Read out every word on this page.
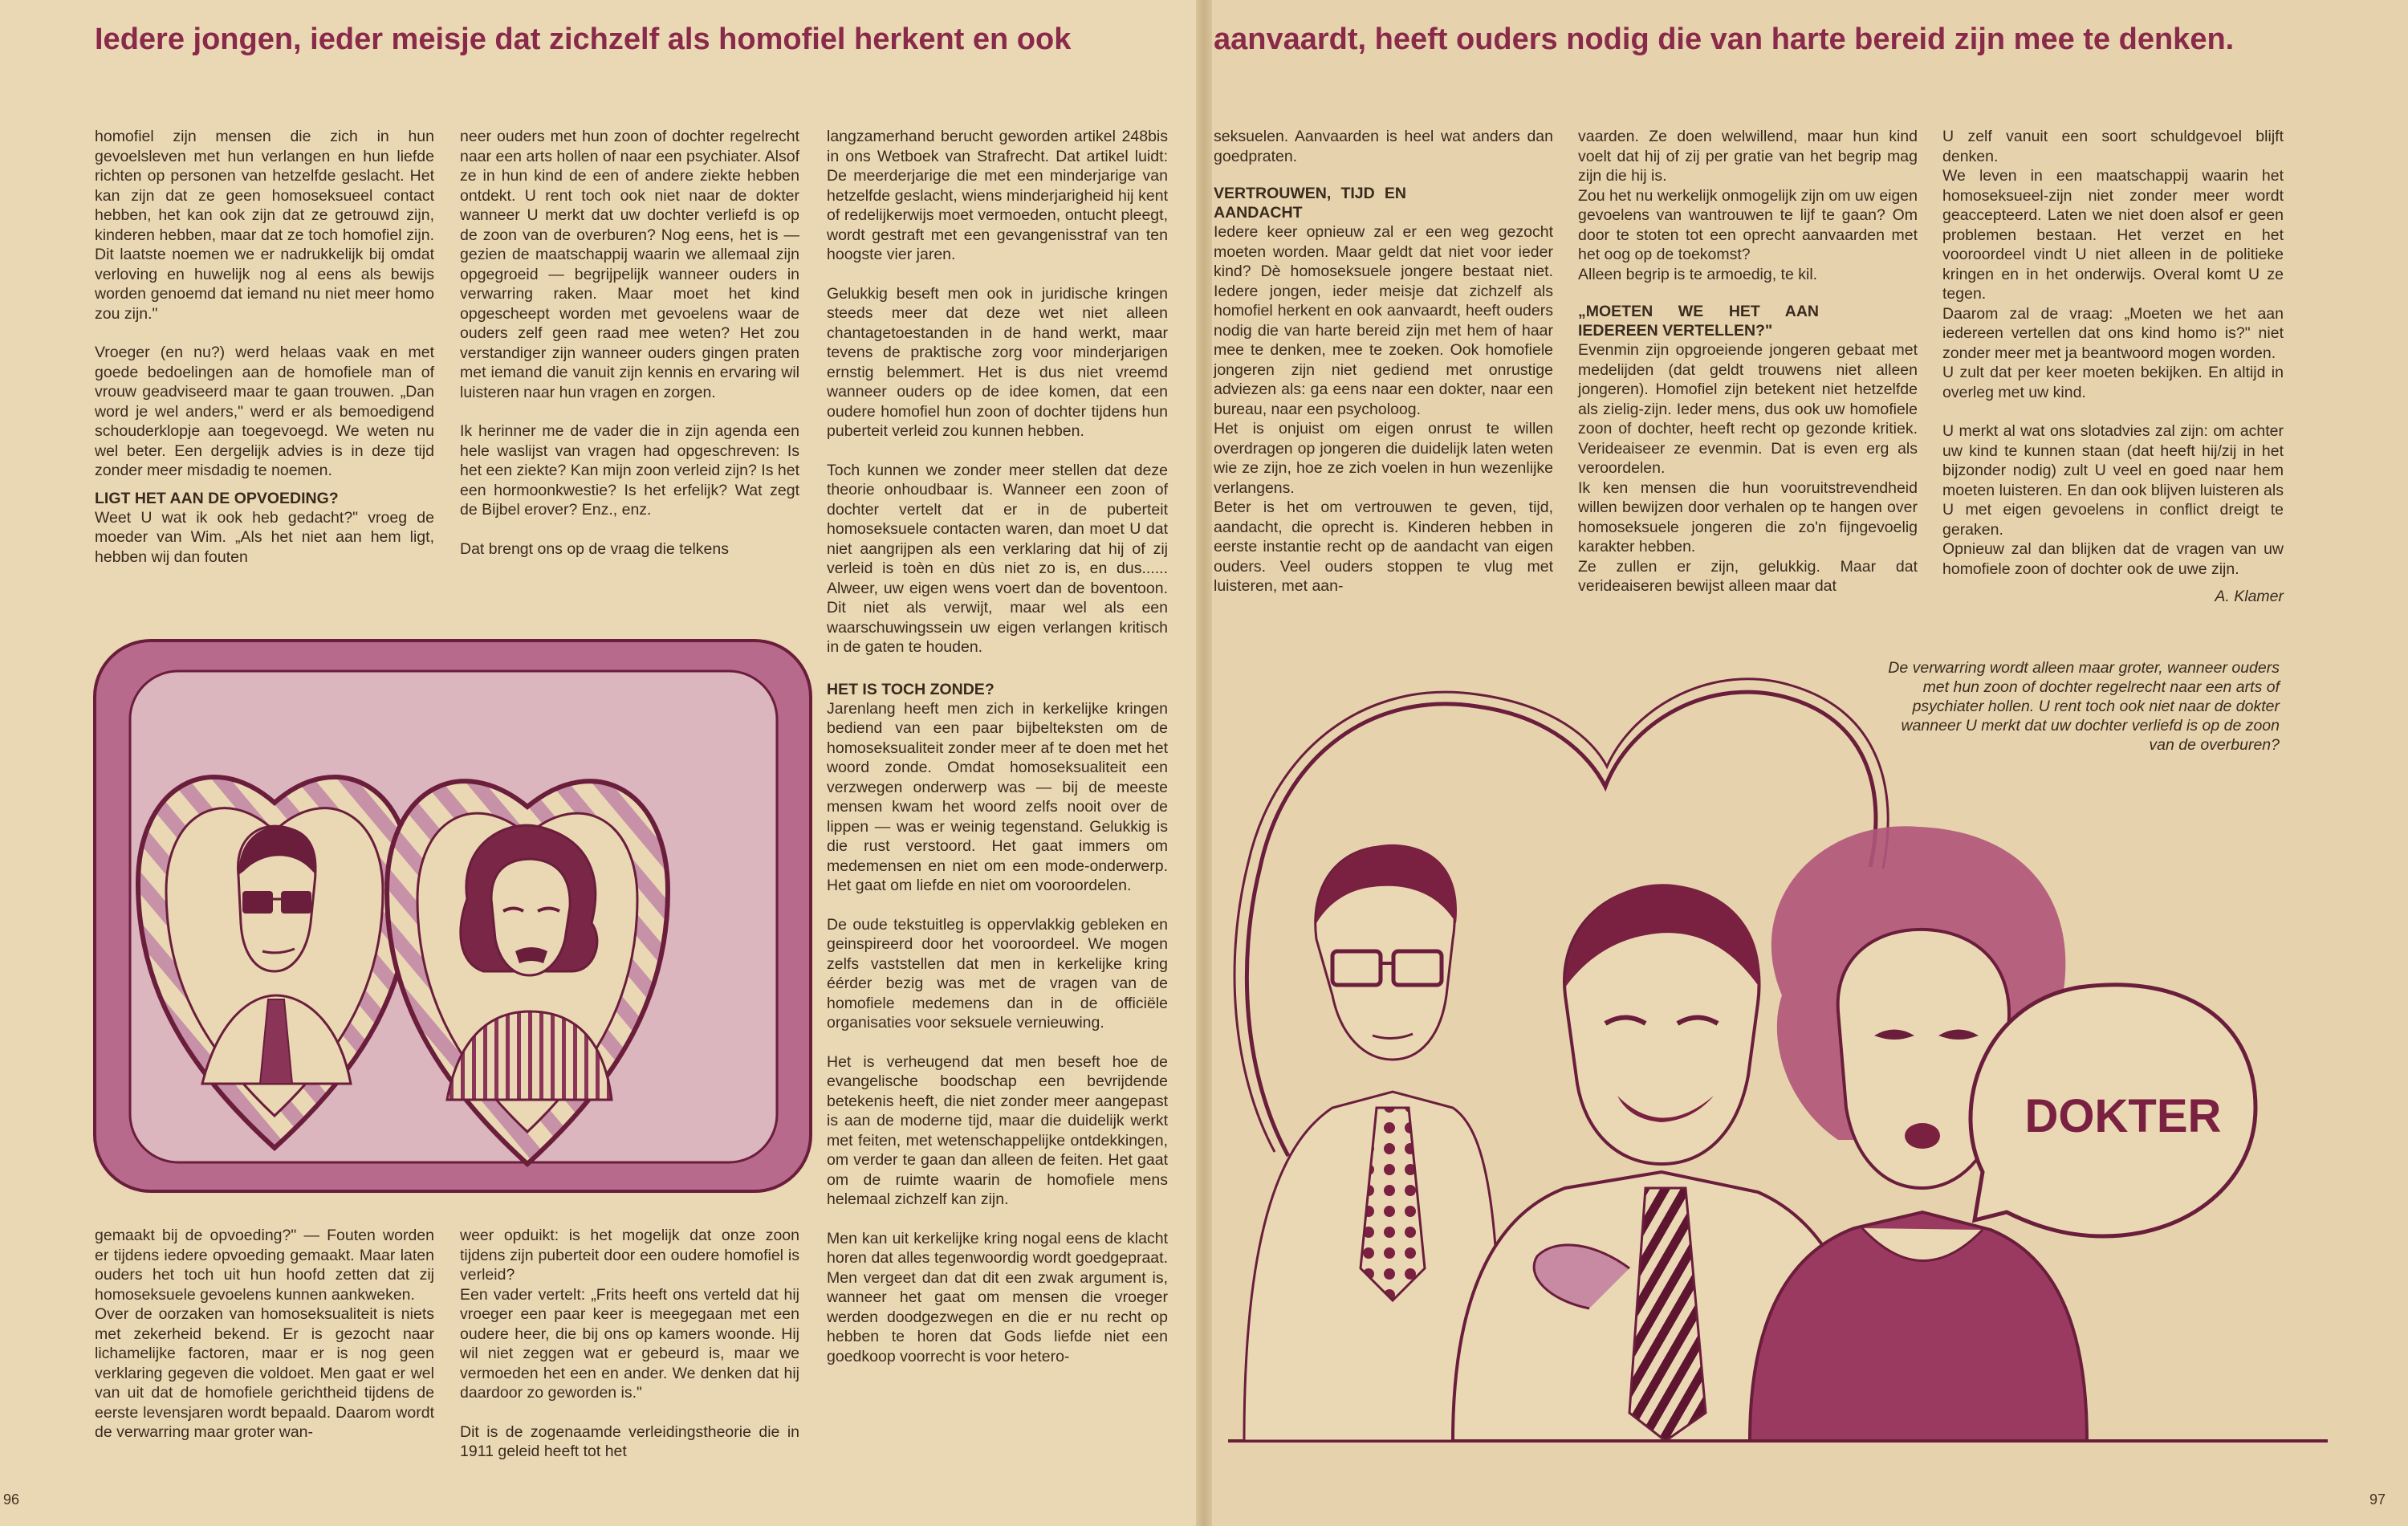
Iedere jongen, ieder meisje dat zichzelf als homofiel herkent en ook	aanvaardt, heeft ouders nodig die van harte bereid zijn mee te denken.

homofiel zijn mensen die zich in hun gevoelsleven met hun verlangen en hun liefde richten op personen van hetzelfde geslacht. Het kan zijn dat ze geen homoseksueel contact hebben, het kan ook zijn dat ze getrouwd zijn, kinderen hebben, maar dat ze toch homofiel zijn. Dit laatste noemen we er nadrukkelijk bij omdat verloving en huwelijk nog al eens als bewijs worden genoemd dat iemand nu niet meer homo zou zijn."

Vroeger (en nu?) werd helaas vaak en met goede bedoelingen aan de homofiele man of vrouw geadviseerd maar te gaan trouwen. „Dan word je wel anders," werd er als bemoedigend schouderklopje aan toegevoegd. We weten nu wel beter. Een dergelijk advies is in deze tijd zonder meer misdadig te noemen.

LIGT HET AAN DE OPVOEDING?

Weet U wat ik ook heb gedacht?" vroeg de moeder van Wim. „Als het niet aan hem ligt, hebben wij dan fouten

neer ouders met hun zoon of dochter regelrecht naar een arts hollen of naar een psychiater. Alsof ze in hun kind de een of andere ziekte hebben ontdekt. U rent toch ook niet naar de dokter wanneer U merkt dat uw dochter verliefd is op de zoon van de overburen? Nog eens, het is — gezien de maatschappij waarin we allemaal zijn opgegroeid — begrijpelijk wanneer ouders in verwarring raken. Maar moet het kind opgescheept worden met gevoelens waar de ouders zelf geen raad mee weten? Het zou verstandiger zijn wanneer ouders gingen praten met iemand die vanuit zijn kennis en ervaring wil luisteren naar hun vragen en zorgen.

Ik herinner me de vader die in zijn agenda een hele waslijst van vragen had opgeschreven: Is het een ziekte? Kan mijn zoon verleid zijn? Is het een hormoonkwestie? Is het erfelijk? Wat zegt de Bijbel erover? Enz., enz.

Dat brengt ons op de vraag die telkens

langzamerhand berucht geworden artikel 248bis in ons Wetboek van Strafrecht. Dat artikel luidt: De meerderjarige die met een minderjarige van hetzelfde geslacht, wiens minderjarigheid hij kent of redelijkerwijs moet vermoeden, ontucht pleegt, wordt gestraft met een gevangenisstraf van ten hoogste vier jaren.

Gelukkig beseft men ook in juridische kringen steeds meer dat deze wet niet alleen chantagetoestanden in de hand werkt, maar tevens de praktische zorg voor minderjarigen ernstig belemmert. Het is dus niet vreemd wanneer ouders op de idee komen, dat een oudere homofiel hun zoon of dochter tijdens hun puberteit verleid zou kunnen hebben.

Toch kunnen we zonder meer stellen dat deze theorie onhoudbaar is. Wanneer een zoon of dochter vertelt dat er in de puberteit homoseksuele contacten waren, dan moet U dat niet aangrijpen als een verklaring dat hij of zij verleid is toèn en dùs niet zo is, en dus...... Alweer, uw eigen wens voert dan de boventoon. Dit niet als verwijt, maar wel als een waarschuwingssein uw eigen verlangen kritisch in de gaten te houden.

HET IS TOCH ZONDE?

Jarenlang heeft men zich in kerkelijke kringen bediend van een paar bijbelteksten om de homoseksualiteit zonder meer af te doen met het woord zonde. Omdat homoseksualiteit een verzwegen onderwerp was — bij de meeste mensen kwam het woord zelfs nooit over de lippen — was er weinig tegenstand. Gelukkig is die rust verstoord. Het gaat immers om medemensen en niet om een mode-onderwerp. Het gaat om liefde en niet om vooroordelen.

De oude tekstuitleg is oppervlakkig gebleken en geinspireerd door het vooroordeel. We mogen zelfs vaststellen dat men in kerkelijke kring éérder bezig was met de vragen van de homofiele medemens dan in de officiële organisaties voor seksuele vernieuwing.

Het is verheugend dat men beseft hoe de evangelische boodschap een bevrijdende betekenis heeft, die niet zonder meer aangepast is aan de moderne tijd, maar die duidelijk werkt met feiten, met wetenschappelijke ontdekkingen, om verder te gaan dan alleen de feiten. Het gaat om de ruimte waarin de homofiele mens helemaal zichzelf kan zijn.

Men kan uit kerkelijke kring nogal eens de klacht horen dat alles tegenwoordig wordt goedgepraat. Men vergeet dan dat dit een zwak argument is, wanneer het gaat om mensen die vroeger werden doodgezwegen en die er nu recht op hebben te horen dat Gods liefde niet een goedkoop voorrecht is voor hetero-

gemaakt bij de opvoeding?" — Fouten worden er tijdens iedere opvoeding gemaakt. Maar laten ouders het toch uit hun hoofd zetten dat zij homoseksuele gevoelens kunnen aankweken.

Over de oorzaken van homoseksualiteit is niets met zekerheid bekend. Er is gezocht naar lichamelijke factoren, maar er is nog geen verklaring gegeven die voldoet. Men gaat er wel van uit dat de homofiele gerichtheid tijdens de eerste levensjaren wordt bepaald. Daarom wordt de verwarring maar groter wan-

weer opduikt: is het mogelijk dat onze zoon tijdens zijn puberteit door een oudere homofiel is verleid?

Een vader vertelt: „Frits heeft ons verteld dat hij vroeger een paar keer is meegegaan met een oudere heer, die bij ons op kamers woonde. Hij wil niet zeggen wat er gebeurd is, maar we vermoeden het een en ander. We denken dat hij daardoor zo geworden is."

Dit is de zogenaamde verleidingstheorie die in 1911 geleid heeft tot het

seksuelen. Aanvaarden is heel wat anders dan goedpraten.

VERTROUWEN, TIJD EN AANDACHT

Iedere keer opnieuw zal er een weg gezocht moeten worden. Maar geldt dat niet voor ieder kind? Dè homoseksuele jongere bestaat niet. Iedere jongen, ieder meisje dat zichzelf als homofiel herkent en ook aanvaardt, heeft ouders nodig die van harte bereid zijn met hem of haar mee te denken, mee te zoeken. Ook homofiele jongeren zijn niet gediend met onrustige adviezen als: ga eens naar een dokter, naar een bureau, naar een psycholoog.

Het is onjuist om eigen onrust te willen overdragen op jongeren die duidelijk laten weten wie ze zijn, hoe ze zich voelen in hun wezenlijke verlangens.

Beter is het om vertrouwen te geven, tijd, aandacht, die oprecht is. Kinderen hebben in eerste instantie recht op de aandacht van eigen ouders. Veel ouders stoppen te vlug met luisteren, met aan-

vaarden. Ze doen welwillend, maar hun kind voelt dat hij of zij per gratie van het begrip mag zijn die hij is.

Zou het nu werkelijk onmogelijk zijn om uw eigen gevoelens van wantrouwen te lijf te gaan? Om door te stoten tot een oprecht aanvaarden met het oog op de toekomst?

Alleen begrip is te armoedig, te kil.

„MOETEN WE HET AAN IEDEREEN VERTELLEN?"

Evenmin zijn opgroeiende jongeren gebaat met medelijden (dat geldt trouwens niet alleen jongeren). Homofiel zijn betekent niet hetzelfde als zielig-zijn. Ieder mens, dus ook uw homofiele zoon of dochter, heeft recht op gezonde kritiek. Verideaiseer ze evenmin. Dat is even erg als veroordelen.

Ik ken mensen die hun vooruitstrevendheid willen bewijzen door verhalen op te hangen over homoseksuele jongeren die zo'n fijngevoelig karakter hebben.

Ze zullen er zijn, gelukkig. Maar dat verideaiseren bewijst alleen maar dat

U zelf vanuit een soort schuldgevoel blijft denken.

We leven in een maatschappij waarin het homoseksueel-zijn niet zonder meer wordt geaccepteerd. Laten we niet doen alsof er geen problemen bestaan. Het verzet en het vooroordeel vindt U niet alleen in de politieke kringen en in het onderwijs. Overal komt U ze tegen.

Daarom zal de vraag: „Moeten we het aan iedereen vertellen dat ons kind homo is?" niet zonder meer met ja beantwoord mogen worden.

U zult dat per keer moeten bekijken. En altijd in overleg met uw kind.

U merkt al wat ons slotadvies zal zijn: om achter uw kind te kunnen staan (dat heeft hij/zij in het bijzonder nodig) zult U veel en goed naar hem moeten luisteren. En dan ook blijven luisteren als U met eigen gevoelens in conflict dreigt te geraken.

Opnieuw zal dan blijken dat de vragen van uw homofiele zoon of dochter ook de uwe zijn.

A. Klamer
DOKTER
De verwarring wordt alleen maar groter, wanneer ouders met hun zoon of dochter regelrecht naar een arts of psychiater hollen. U rent toch ook niet naar de dokter wanneer U merkt dat uw dochter verliefd is op de zoon van de overburen?
96	97
